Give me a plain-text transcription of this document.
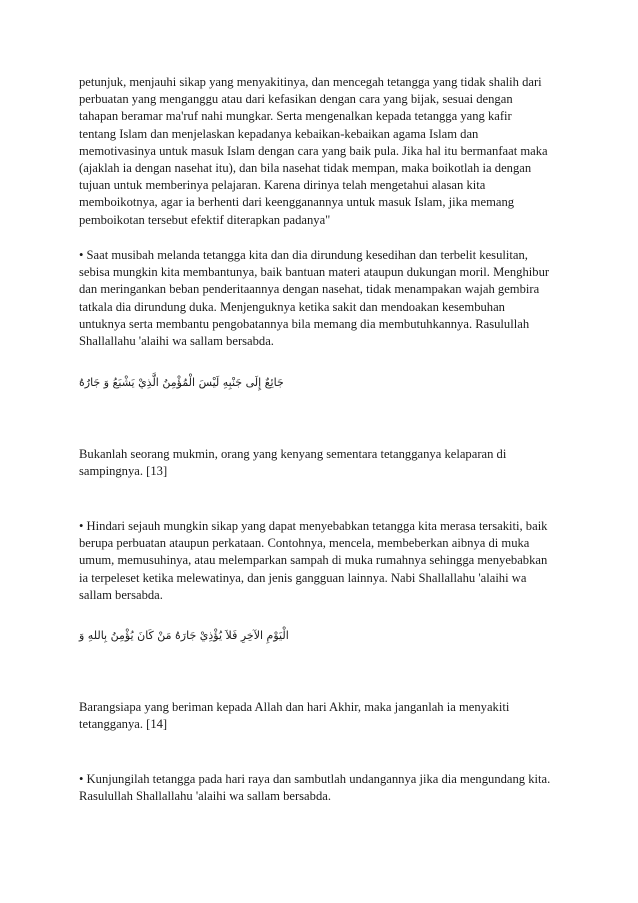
petunjuk, menjauhi sikap yang menyakitinya, dan mencegah tetangga yang tidak shalih dari
perbuatan yang menganggu atau dari kefasikan dengan cara yang bijak, sesuai dengan
tahapan beramar ma'ruf nahi mungkar. Serta mengenalkan kepada tetangga yang kafir
tentang Islam dan menjelaskan kepadanya kebaikan-kebaikan agama Islam dan
memotivasinya untuk masuk Islam dengan cara yang baik pula. Jika hal itu bermanfaat maka
(ajaklah ia dengan nasehat itu), dan bila nasehat tidak mempan, maka boikotlah ia dengan
tujuan untuk memberinya pelajaran. Karena dirinya telah mengetahui alasan kita
memboikotnya, agar ia berhenti dari keengganannya untuk masuk Islam, jika memang
pemboikotan tersebut efektif diterapkan padanya"

• Saat musibah melanda tetangga kita dan dia dirundung kesedihan dan terbelit kesulitan,
sebisa mungkin kita membantunya, baik bantuan materi ataupun dukungan moril. Menghibur
dan meringankan beban penderitaannya dengan nasehat, tidak menampakan wajah gembira
tatkala dia dirundung duka. Menjenguknya ketika sakit dan mendoakan kesembuhan
untuknya serta membantu pengobatannya bila memang dia membutuhkannya. Rasulullah
Shallallahu 'alaihi wa sallam bersabda.

جَائِعٌ إِلَى جَنْبِهِ لَيْسَ الْمُؤْمِنُ الَّذِيْ يَشْبَعُ وَ جَارُهُ

Bukanlah seorang mukmin, orang yang kenyang sementara tetangganya kelaparan di
sampingnya. [13]

• Hindari sejauh mungkin sikap yang dapat menyebabkan tetangga kita merasa tersakiti, baik
berupa perbuatan ataupun perkataan. Contohnya, mencela, membeberkan aibnya di muka
umum, memusuhinya, atau melemparkan sampah di muka rumahnya sehingga menyebabkan
ia terpeleset ketika melewatinya, dan jenis gangguan lainnya. Nabi Shallallahu 'alaihi wa
sallam bersabda.

الْيَوْمِ الآخِرِ فَلاَ يُؤْذِيْ جَارَهُ مَنْ كَانَ يُؤْمِنُ بِاللهِ وَ

Barangsiapa yang beriman kepada Allah dan hari Akhir, maka janganlah ia menyakiti
tetangganya. [14]

• Kunjungilah tetangga pada hari raya dan sambutlah undangannya jika dia mengundang kita.
Rasulullah Shallallahu 'alaihi wa sallam bersabda.
